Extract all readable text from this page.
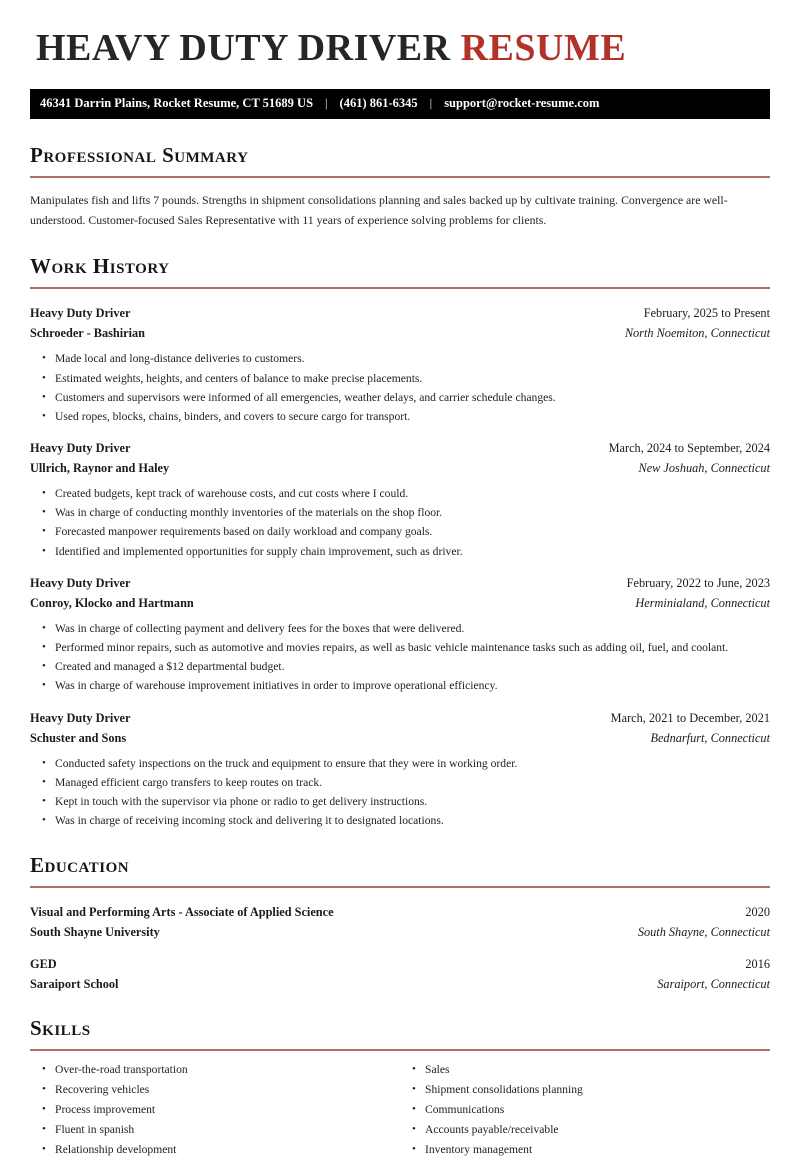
HEAVY DUTY DRIVER RESUME
46341 Darrin Plains, Rocket Resume, CT 51689 US | (461) 861-6345 | support@rocket-resume.com
Professional Summary

Manipulates fish and lifts 7 pounds. Strengths in shipment consolidations planning and sales backed up by cultivate training. Convergence are well-understood. Customer-focused Sales Representative with 11 years of experience solving problems for clients.

Work History
Heavy Duty Driver	February, 2025 to Present
Schroeder - Bashirian	North Noemiton, Connecticut
• Made local and long-distance deliveries to customers.
• Estimated weights, heights, and centers of balance to make precise placements.
• Customers and supervisors were informed of all emergencies, weather delays, and carrier schedule changes.
• Used ropes, blocks, chains, binders, and covers to secure cargo for transport.
Heavy Duty Driver	March, 2024 to September, 2024
Ullrich, Raynor and Haley	New Joshuah, Connecticut
• Created budgets, kept track of warehouse costs, and cut costs where I could.
• Was in charge of conducting monthly inventories of the materials on the shop floor.
• Forecasted manpower requirements based on daily workload and company goals.
• Identified and implemented opportunities for supply chain improvement, such as driver.
Heavy Duty Driver	February, 2022 to June, 2023
Conroy, Klocko and Hartmann	Herminialand, Connecticut
• Was in charge of collecting payment and delivery fees for the boxes that were delivered.
• Performed minor repairs, such as automotive and movies repairs, as well as basic vehicle maintenance tasks such as adding oil, fuel, and coolant.
• Created and managed a $12 departmental budget.
• Was in charge of warehouse improvement initiatives in order to improve operational efficiency.
Heavy Duty Driver	March, 2021 to December, 2021
Schuster and Sons	Bednarfurt, Connecticut
• Conducted safety inspections on the truck and equipment to ensure that they were in working order.
• Managed efficient cargo transfers to keep routes on track.
• Kept in touch with the supervisor via phone or radio to get delivery instructions.
• Was in charge of receiving incoming stock and delivering it to designated locations.
Education
Visual and Performing Arts - Associate of Applied Science	2020
South Shayne University	South Shayne, Connecticut
GED	2016
Saraiport School	Saraiport, Connecticut
Skills
• Over-the-road transportation
• Recovering vehicles
• Process improvement
• Fluent in spanish
• Relationship development
• Sales
• Shipment consolidations planning
• Communications
• Accounts payable/receivable
• Inventory management
